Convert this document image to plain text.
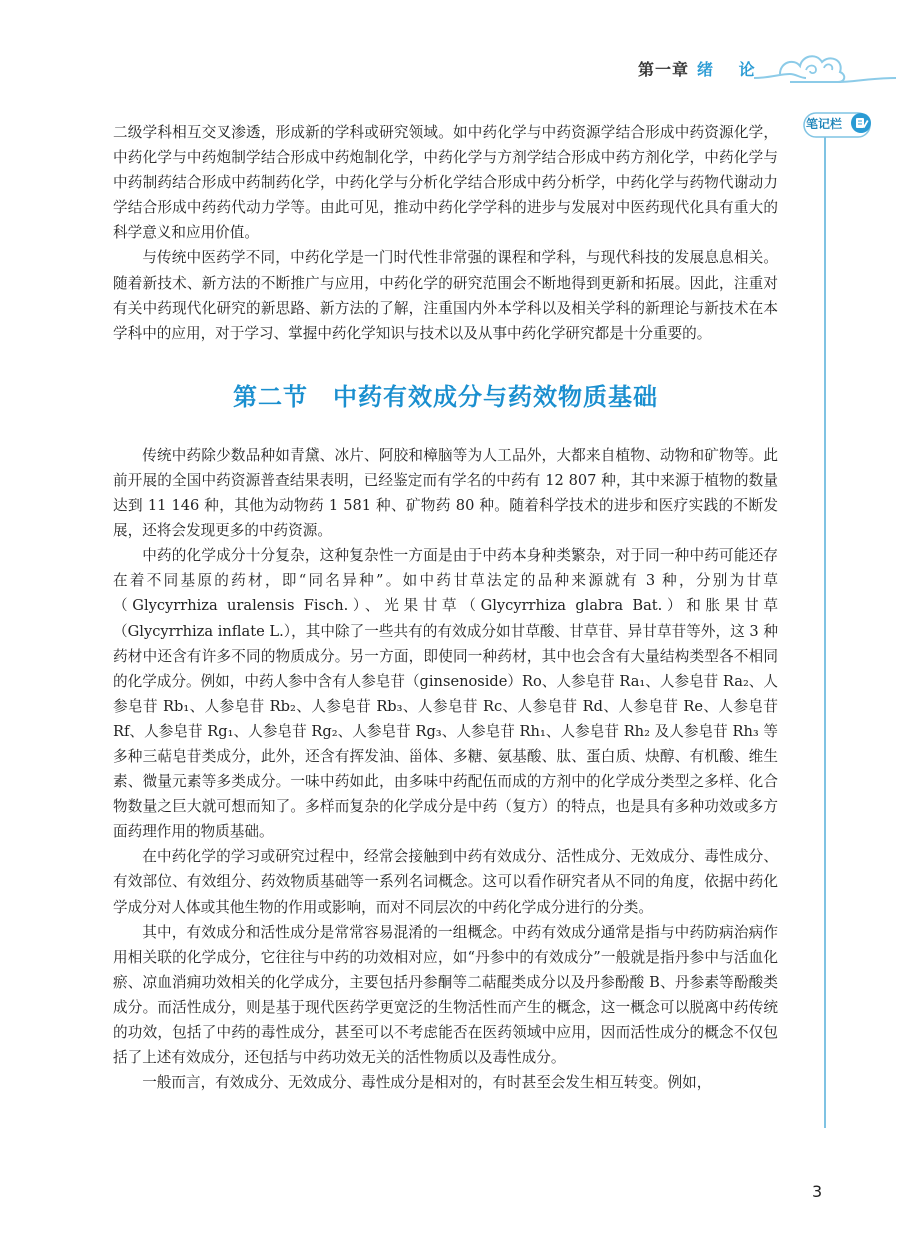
第一章 绪 论
笔记栏

二级学科相互交叉渗透，形成新的学科或研究领域。如中药化学与中药资源学结合形成中药资源化学，中药化学与中药炮制学结合形成中药炮制化学，中药化学与方剂学结合形成中药方剂化学，中药化学与中药制药结合形成中药制药化学，中药化学与分析化学结合形成中药分析学，中药化学与药物代谢动力学结合形成中药药代动力学等。由此可见，推动中药化学学科的进步与发展对中医药现代化具有重大的科学意义和应用价值。

与传统中医药学不同，中药化学是一门时代性非常强的课程和学科，与现代科技的发展息息相关。随着新技术、新方法的不断推广与应用，中药化学的研究范围会不断地得到更新和拓展。因此，注重对有关中药现代化研究的新思路、新方法的了解，注重国内外本学科以及相关学科的新理论与新技术在本学科中的应用，对于学习、掌握中药化学知识与技术以及从事中药化学研究都是十分重要的。

第二节　中药有效成分与药效物质基础

传统中药除少数品种如青黛、冰片、阿胶和樟脑等为人工品外，大都来自植物、动物和矿物等。此前开展的全国中药资源普查结果表明，已经鉴定而有学名的中药有 12 807 种，其中来源于植物的数量达到 11 146 种，其他为动物药 1 581 种、矿物药 80 种。随着科学技术的进步和医疗实践的不断发展，还将会发现更多的中药资源。

中药的化学成分十分复杂，这种复杂性一方面是由于中药本身种类繁杂，对于同一种中药可能还存在着不同基原的药材，即“同名异种”。如中药甘草法定的品种来源就有 3 种，分别为甘草（Glycyrrhiza uralensis Fisch.）、光果甘草（Glycyrrhiza glabra Bat.）和胀果甘草（Glycyrrhiza inflate L.），其中除了一些共有的有效成分如甘草酸、甘草苷、异甘草苷等外，这 3 种药材中还含有许多不同的物质成分。另一方面，即使同一种药材，其中也会含有大量结构类型各不相同的化学成分。例如，中药人参中含有人参皂苷（ginsenoside）Ro、人参皂苷 Ra₁、人参皂苷 Ra₂、人参皂苷 Rb₁、人参皂苷 Rb₂、人参皂苷 Rb₃、人参皂苷 Rc、人参皂苷 Rd、人参皂苷 Re、人参皂苷 Rf、人参皂苷 Rg₁、人参皂苷 Rg₂、人参皂苷 Rg₃、人参皂苷 Rh₁、人参皂苷 Rh₂ 及人参皂苷 Rh₃ 等多种三萜皂苷类成分，此外，还含有挥发油、甾体、多糖、氨基酸、肽、蛋白质、炔醇、有机酸、维生素、微量元素等多类成分。一味中药如此，由多味中药配伍而成的方剂中的化学成分类型之多样、化合物数量之巨大就可想而知了。多样而复杂的化学成分是中药（复方）的特点，也是具有多种功效或多方面药理作用的物质基础。

在中药化学的学习或研究过程中，经常会接触到中药有效成分、活性成分、无效成分、毒性成分、有效部位、有效组分、药效物质基础等一系列名词概念。这可以看作研究者从不同的角度，依据中药化学成分对人体或其他生物的作用或影响，而对不同层次的中药化学成分进行的分类。

其中，有效成分和活性成分是常常容易混淆的一组概念。中药有效成分通常是指与中药防病治病作用相关联的化学成分，它往往与中药的功效相对应，如“丹参中的有效成分”一般就是指丹参中与活血化瘀、凉血消痈功效相关的化学成分，主要包括丹参酮等二萜醌类成分以及丹参酚酸 B、丹参素等酚酸类成分。而活性成分，则是基于现代医药学更宽泛的生物活性而产生的概念，这一概念可以脱离中药传统的功效，包括了中药的毒性成分，甚至可以不考虑能否在医药领域中应用，因而活性成分的概念不仅包括了上述有效成分，还包括与中药功效无关的活性物质以及毒性成分。

一般而言，有效成分、无效成分、毒性成分是相对的，有时甚至会发生相互转变。例如，

3
